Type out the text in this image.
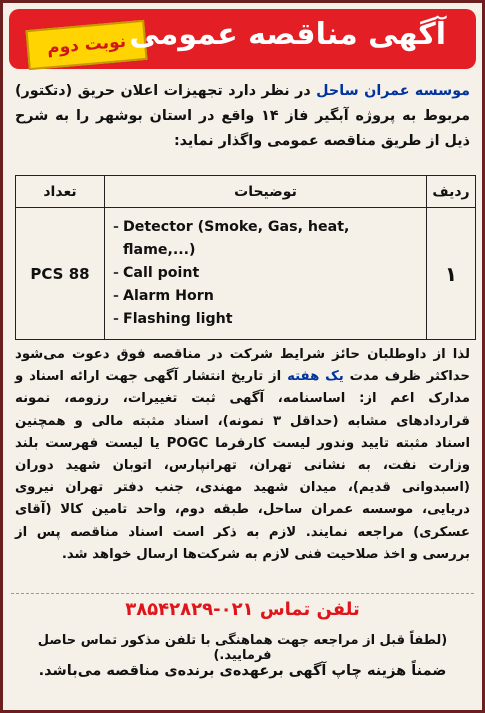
نوبت دوم آگهی مناقصه عمومی
موسسه عمران ساحل در نظر دارد تجهیزات اعلان حریق (دتکتور) مربوط به پروژه آبگیر فاز ۱۴ واقع در استان بوشهر را به شرح ذیل از طریق مناقصه عمومی واگذار نماید:
ردیف	توضیحات	تعداد
۱	- Detector (Smoke, Gas, heat, flame,...)
- Call point
- Alarm Horn
- Flashing light	88 PCS
لذا از داوطلبان حائز شرایط شرکت در مناقصه فوق دعوت می‌شود حداکثر ظرف مدت یک هفته از تاریخ انتشار آگهی جهت ارائه اسناد و مدارک اعم از: اساسنامه، آگهی ثبت تغییرات، رزومه، نمونه قراردادهای مشابه (حداقل ۳ نمونه)، اسناد مثبته مالی و همچنین اسناد مثبته تایید وندور لیست کارفرما POGC یا لیست فهرست بلند وزارت نفت، به نشانی تهران، تهرانپارس، اتوبان شهید دوران (اسبدوانی قدیم)، میدان شهید مهندی، جنب دفتر تهران نیروی دریایی، موسسه عمران ساحل، طبقه دوم، واحد تامین کالا (آقای عسکری) مراجعه نمایند. لازم به ذکر است اسناد مناقصه پس از بررسی و اخذ صلاحیت فنی لازم به شرکت‌ها ارسال خواهد شد.
تلفن تماس ۰۲۱-۳۸۵۴۲۸۲۹
(لطفاً قبل از مراجعه جهت هماهنگی با تلفن مذکور تماس حاصل فرمایید.)
ضمناً هزینه چاپ آگهی برعهده‌ی برنده‌ی مناقصه می‌باشد.
